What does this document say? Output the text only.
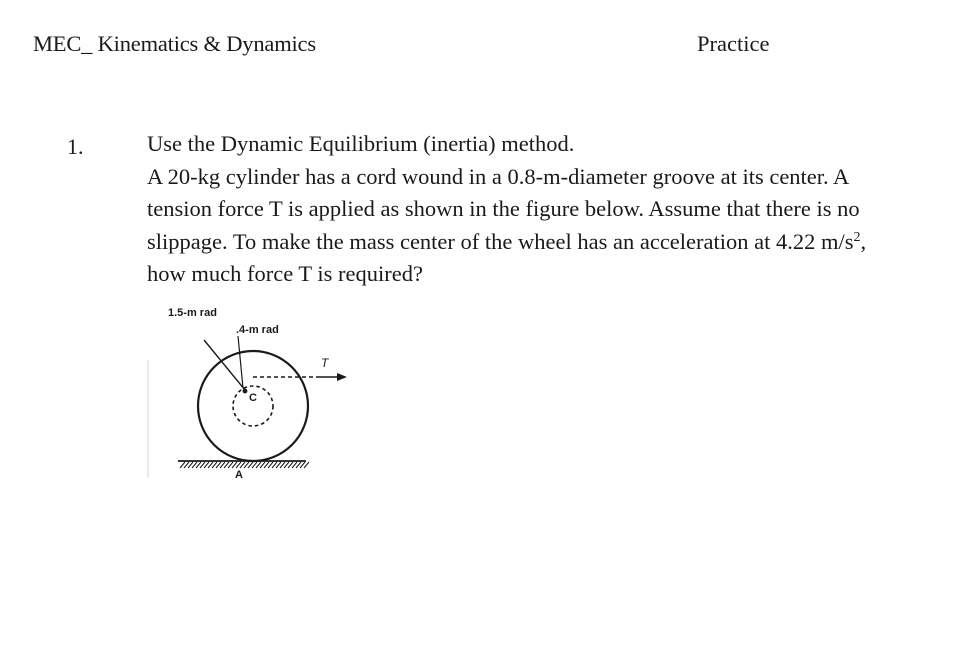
MEC_ Kinematics & Dynamics	Practice
1.	Use the Dynamic Equilibrium (inertia) method.
A 20-kg cylinder has a cord wound in a 0.8-m-diameter groove at its center. A
tension force T is applied as shown in the figure below. Assume that there is no
slippage. To make the mass center of the wheel has an acceleration at 4.22 $m/s^2$,
how much force T is required?
1.5-m rad
.4-m rad
C
T
A
